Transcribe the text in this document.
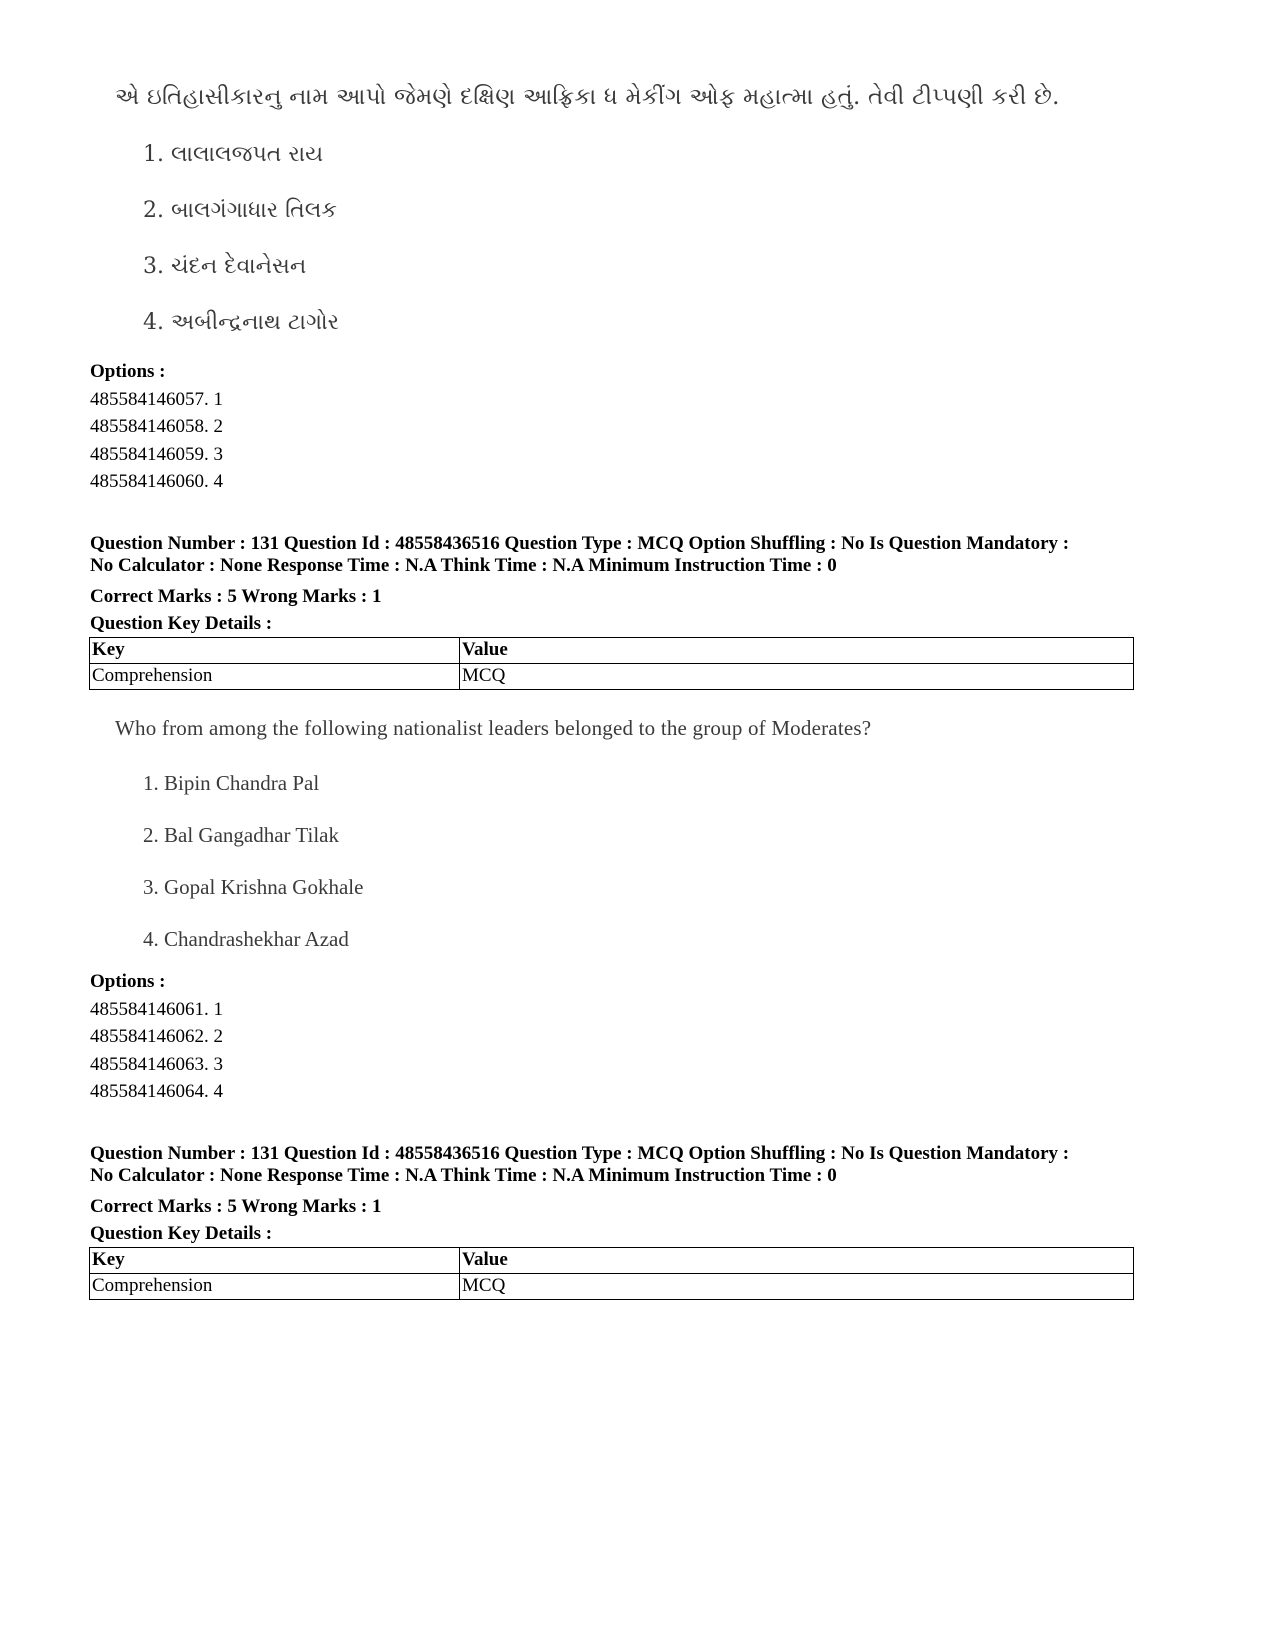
એ ઇતિહાસીકારનુ નામ આપો જેમણે દક્ષિણ આફ્રિકા ધ મેકીંગ ઓફ મહાત્મા હતું. તેવી ટીપ્પણી કરી છે.
1. લાલાલજપત રાય
2. બાલગંગાધાર તિલક
3. ચંદન દેવાનેસન
4. અબીન્દ્રનાથ ટાગોર
Options :
485584146057. 1
485584146058. 2
485584146059. 3
485584146060. 4
Question Number : 131 Question Id : 48558436516 Question Type : MCQ Option Shuffling : No Is Question Mandatory :
No Calculator : None Response Time : N.A Think Time : N.A Minimum Instruction Time : 0
Correct Marks : 5 Wrong Marks : 1
Question Key Details :
Key	Value
Comprehension	MCQ
Who from among the following nationalist leaders belonged to the group of Moderates?
1. Bipin Chandra Pal
2. Bal Gangadhar Tilak
3. Gopal Krishna Gokhale
4. Chandrashekhar Azad
Options :
485584146061. 1
485584146062. 2
485584146063. 3
485584146064. 4
Question Number : 131 Question Id : 48558436516 Question Type : MCQ Option Shuffling : No Is Question Mandatory :
No Calculator : None Response Time : N.A Think Time : N.A Minimum Instruction Time : 0
Correct Marks : 5 Wrong Marks : 1
Question Key Details :
Key	Value
Comprehension	MCQ
